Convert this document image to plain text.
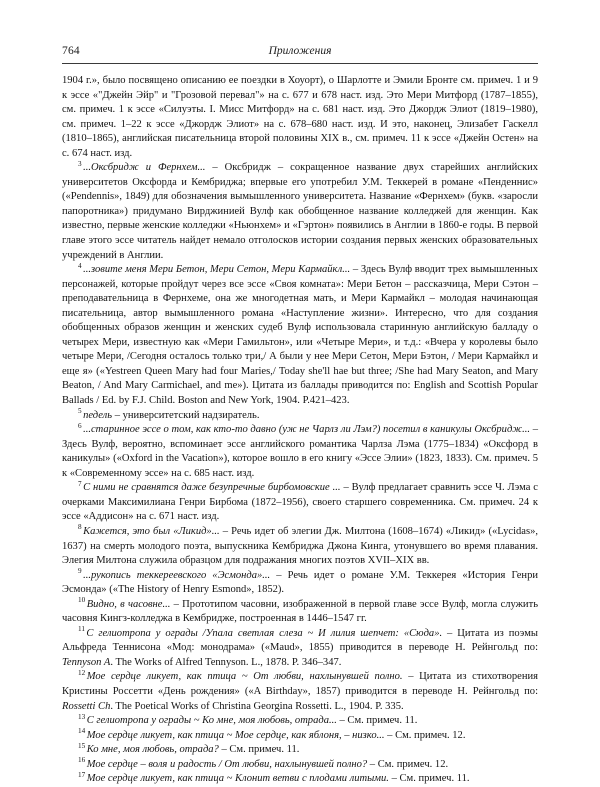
764	Приложения

1904 г.», было посвящено описанию ее поездки в Хоуорт), о Шарлотте и Эмили Бронте см. примеч. 1 и 9 к эссе «"Джейн Эйр" и "Грозовой перевал"» на с. 677 и 678 наст. изд. Это Мери Митфорд (1787–1855), см. примеч. 1 к эссе «Силуэты. I. Мисс Митфорд» на с. 681 наст. изд. Это Джордж Элиот (1819–1980), см. примеч. 1–22 к эссе «Джордж Элиот» на с. 678–680 наст. изд. И это, наконец, Элизабет Гаскелл (1810–1865), английская писательница второй половины XIX в., см. примеч. 11 к эссе «Джейн Остен» на с. 674 наст. изд.

$^3$ ...Оксбридж и Фернхем... – Оксбридж – сокращенное название двух старейших английских университетов Оксфорда и Кембриджа; впервые его употребил У.М. Теккерей в романе «Пенденнис» («Pendennis», 1849) для обозначения вымышленного университета. Название «Фернхем» (букв. «заросли папоротника») придумано Вирджинией Вулф как обобщенное название колледжей для женщин. Как известно, первые женские колледжи «Ньюнхем» и «Гэртон» появились в Англии в 1860-е годы. В первой главе этого эссе читатель найдет немало отголосков истории создания первых женских образовательных учреждений в Англии.

$^4$ ...зовите меня Мери Бетон, Мери Сетон, Мери Кармайкл... – Здесь Вулф вводит трех вымышленных персонажей, которые пройдут через все эссе «Своя комната»: Мери Бетон – рассказчица, Мери Сэтон – преподавательница в Фернхеме, она же многодетная мать, и Мери Кармайкл – молодая начинающая писательница, автор вымышленного романа «Наступление жизни». Интересно, что для создания обобщенных образов женщин и женских судеб Вулф использовала старинную английскую балладу о четырех Мери, известную как «Мери Гамильтон», или «Четыре Мери», и т.д.: «Вчера у королевы было четыре Мери, /Сегодня осталось только три,/ А были у нее Мери Сетон, Мери Бэтон, / Мери Кармайкл и еще я» («Yestreen Queen Mary had four Maries,/ Today she'll hae but three; /She had Mary Seaton, and Mary Beaton, / And Mary Carmichael, and me»). Цитата из баллады приводится по: English and Scottish Popular Ballads / Ed. by F.J. Child. Boston and New York, 1904. P.421–423.

$^5$ педель – университетский надзиратель.

$^6$ ...старинное эссе о том, как кто-то давно (уж не Чарлз ли Лэм?) посетил в каникулы Оксбридж... – Здесь Вулф, вероятно, вспоминает эссе английского романтика Чарлза Лэма (1775–1834) «Оксфорд в каникулы» («Oxford in the Vacation»), которое вошло в его книгу «Эссе Элии» (1823, 1833). См. примеч. 5 к «Современному эссе» на с. 685 наст. изд.

$^7$ С ними не сравнятся даже безупречные бирбомовские ... – Вулф предлагает сравнить эссе Ч. Лэма с очерками Максимилиана Генри Бирбома (1872–1956), своего старшего современника. См. примеч. 24 к эссе «Аддисон» на с. 671 наст. изд.

$^8$ Кажется, это был «Ликид»... – Речь идет об элегии Дж. Милтона (1608–1674) «Ликид» («Lycidas», 1637) на смерть молодого поэта, выпускника Кембриджа Джона Кинга, утонувшего во время плавания. Элегия Милтона служила образцом для подражания многих поэтов XVII–XIX вв.

$^9$ ...рукопись теккереевского «Эсмонда»... – Речь идет о романе У.М. Теккерея «История Генри Эсмонда» («The History of Henry Esmond», 1852).

$^{10}$ Видно, в часовне... – Прототипом часовни, изображенной в первой главе эссе Вулф, могла служить часовня Кингз-колледжа в Кембридже, построенная в 1446–1547 гг.

$^{11}$ С гелиотропа у ограды /Упала светлая слеза ~ И лилия шепчет: «Сюда». – Цитата из поэмы Альфреда Теннисона «Мод: монодрама» («Maud», 1855) приводится в переводе Н. Рейнгольд по: Tennyson A. The Works of Alfred Tennyson. L., 1878. P. 346–347.

$^{12}$ Мое сердце ликует, как птица ~ От любви, нахлынувшей полно. – Цитата из стихотворения Кристины Россетти «День рождения» («A Birthday», 1857) приводится в переводе Н. Рейнгольд по: Rossetti Ch. The Poetical Works of Christina Georgina Rossetti. L., 1904. P. 335.

$^{13}$ С гелиотропа у ограды ~ Ко мне, моя любовь, отрада... – См. примеч. 11.

$^{14}$ Мое сердце ликует, как птица ~ Мое сердце, как яблоня, – низко... – См. примеч. 12.

$^{15}$ Ко мне, моя любовь, отрада? – См. примеч. 11.

$^{16}$ Мое сердце – воля и радость / От любви, нахлынувшей полно? – См. примеч. 12.

$^{17}$ Мое сердце ликует, как птица ~ Клонит ветви с плодами литыми. – См. примеч. 11.
